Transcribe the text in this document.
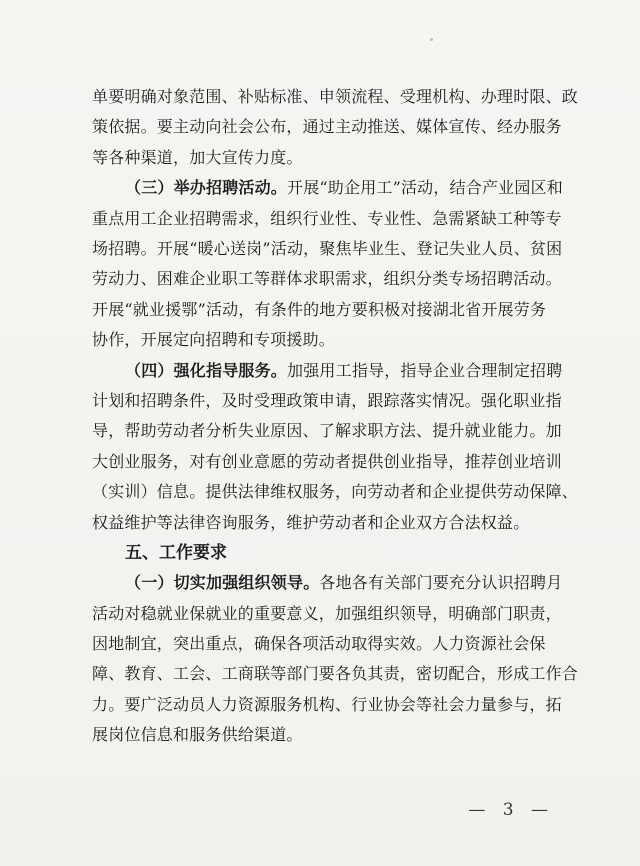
单要明确对象范围、补贴标准、申领流程、受理机构、办理时限、政
策依据。要主动向社会公布，通过主动推送、媒体宣传、经办服务
等各种渠道，加大宣传力度。

（三）举办招聘活动。开展“助企用工”活动，结合产业园区和
重点用工企业招聘需求，组织行业性、专业性、急需紧缺工种等专
场招聘。开展“暖心送岗”活动，聚焦毕业生、登记失业人员、贫困
劳动力、困难企业职工等群体求职需求，组织分类专场招聘活动。
开展“就业援鄂”活动，有条件的地方要积极对接湖北省开展劳务
协作，开展定向招聘和专项援助。

（四）强化指导服务。加强用工指导，指导企业合理制定招聘
计划和招聘条件，及时受理政策申请，跟踪落实情况。强化职业指
导，帮助劳动者分析失业原因、了解求职方法、提升就业能力。加
大创业服务，对有创业意愿的劳动者提供创业指导，推荐创业培训
（实训）信息。提供法律维权服务，向劳动者和企业提供劳动保障、
权益维护等法律咨询服务，维护劳动者和企业双方合法权益。

五、工作要求

（一）切实加强组织领导。各地各有关部门要充分认识招聘月
活动对稳就业保就业的重要意义，加强组织领导，明确部门职责，
因地制宜，突出重点，确保各项活动取得实效。人力资源社会保
障、教育、工会、工商联等部门要各负其责，密切配合，形成工作合
力。要广泛动员人力资源服务机构、行业协会等社会力量参与，拓
展岗位信息和服务供给渠道。

— 3 —
